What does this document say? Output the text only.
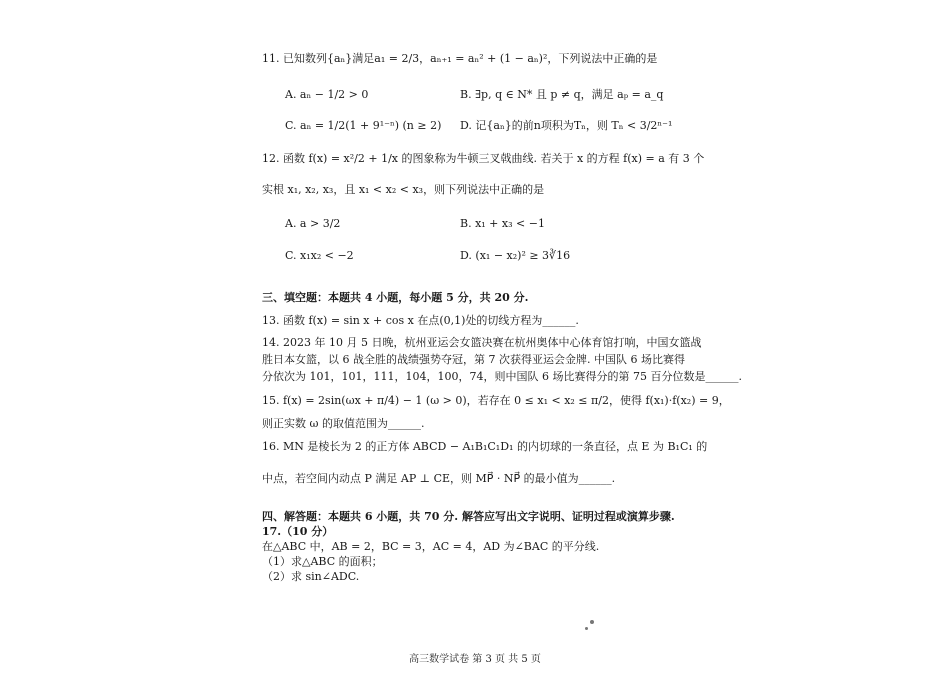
11. 已知数列{aₙ}满足a₁ = 2/3，aₙ₊₁ = aₙ² + (1 − aₙ)²，下列说法中正确的是
A. aₙ − 1/2 > 0	B. ∃p, q ∈ N* 且 p ≠ q，满足 aₚ = a_q
C. aₙ = 1/2(1 + 9¹⁻ⁿ) (n ≥ 2) D. 记{aₙ}的前n项积为Tₙ，则 Tₙ < 3/2ⁿ⁻¹
12. 函数 f(x) = x²/2 + 1/x 的图象称为牛顿三叉戟曲线. 若关于 x 的方程 f(x) = a 有 3 个
实根 x₁, x₂, x₃，且 x₁ < x₂ < x₃，则下列说法中正确的是
A. a > 3/2	B. x₁ + x₃ < −1
C. x₁x₂ < −2	D. (x₁ − x₂)² ≥ 3∛16
三、填空题：本题共 4 小题，每小题 5 分，共 20 分.
13. 函数 f(x) = sin x + cos x 在点(0,1)处的切线方程为______.
14. 2023 年 10 月 5 日晚，杭州亚运会女篮决赛在杭州奥体中心体育馆打响，中国女篮战
胜日本女篮，以 6 战全胜的战绩强势夺冠，第 7 次获得亚运会金牌. 中国队 6 场比赛得
分依次为 101，101，111，104，100，74，则中国队 6 场比赛得分的第 75 百分位数是______.
15. f(x) = 2sin(ωx + π/4) − 1 (ω > 0)，若存在 0 ≤ x₁ < x₂ ≤ π/2，使得 f(x₁)·f(x₂) = 9，
则正实数 ω 的取值范围为______.
16. MN 是棱长为 2 的正方体 ABCD − A₁B₁C₁D₁ 的内切球的一条直径，点 E 为 B₁C₁ 的
中点，若空间内动点 P 满足 AP ⊥ CE，则 MP⃗ · NP⃗ 的最小值为______.
四、解答题：本题共 6 小题，共 70 分. 解答应写出文字说明、证明过程或演算步骤.
17.（10 分）
在△ABC 中，AB = 2，BC = 3，AC = 4，AD 为∠BAC 的平分线.
（1）求△ABC 的面积；
（2）求 sin∠ADC.
高三数学试卷 第 3 页 共 5 页
